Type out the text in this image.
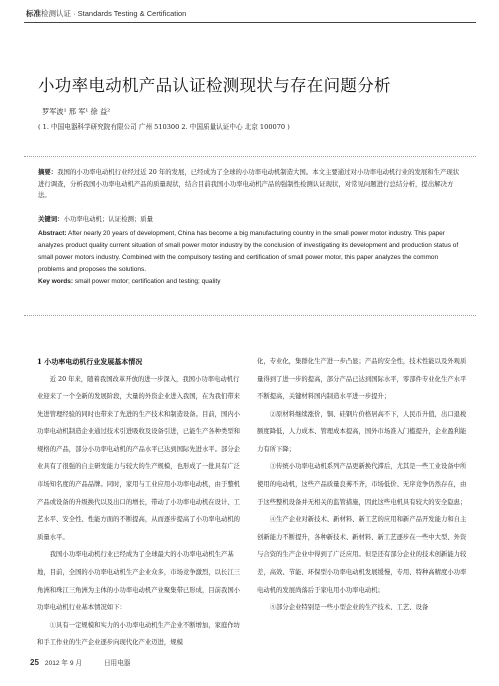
标准检测认证 · Standards Testing & Certification
小功率电动机产品认证检测现状与存在问题分析
罗军波¹ 邢 军¹ 徐 益²
( 1. 中国电器科学研究院有限公司 广州 510300 2. 中国质量认证中心 北京 100070 )
摘要：我国的小功率电动机行业经过近 20 年的发展，已经成为了全球的小功率电动机制造大国。本文主要通过对小功率电动机行业的发展和生产现状进行调查，分析我国小功率电动机产品的质量现状，结合目前我国小功率电动机产品的强制性检测认证现状，对常见问题进行总结分析，提出解决方法。
关键词：小功率电动机；认证检测；质量
Abstract: After nearly 20 years of development, China has become a big manufacturing country in the small power motor industry. This paper analyzes product quality current situation of small power motor industry by the conclusion of investigating its development and production status of small power motors industry. Combined with the compulsory testing and certification of small power motor, this paper analyzes the common problems and proposes the solutions.
Key words: small power motor; certification and testing; quality

1 小功率电动机行业发展基本情况

近 20 年来，随着我国改革开放的进一步深入，我国小功率电动机行业迎来了一个全新的发展阶段，大量的外资企业进入我国，在为我们带来先进管理经验的同时也带来了先进的生产技术和制造设备。目前，国内小功率电动机制造企业通过技术引进吸收及设备引进，已能生产各种类型和规格的产品，部分小功率电动机的产品水平已达到国际先进水平。部分企业具有了很强的自主研发能力与较大的生产规模，也形成了一批具有广泛市场知名度的产品品牌。同时，家用与工业应用小功率电动机，由于整机产品或设备的升级换代以及出口的增长，带动了小功率电动机在设计、工艺水平、安全性、性能方面的不断提高，从而逐步提高了小功率电动机的质量水平。

我国小功率电动机行业已经成为了全球最大的小功率电动机生产基地，目前，全国的小功率电动机生产企业众多，市场竞争激烈，以长江三角洲和珠江三角洲为主体的小功率电动机产业聚集带已形成，目前我国小功率电动机行业基本情况如下：

①具有一定规模和实力的小功率电动机生产企业不断增加，家庭作坊和手工作业的生产企业逐步向现代化产业迈进，规模

化，专业化，集群化生产进一步凸显；产品的安全性，技术性能以及外观质量得到了进一步的提高，部分产品已达到国际水平，零部件专业化生产水平不断提高，关键材料国内制造水平进一步提升；

②原材料继续涨价，铜、硅钢片价格居高不下，人民币升值，出口退税额度降低，人力成本、管理成本提高，国外市场准入门槛提升，企业盈利能力有所下降；

③传统小功率电动机系列产品更新换代滞后，尤其是一些工业设备中所使用的电动机，这些产品质量良莠不齐，市场低价、无序竞争仍然存在，由于这些整机设备并无相关的监管措施，因此这些电机具有较大的安全隐患；

④生产企业对新技术、新材料、新工艺的应用和新产品开发能力和自主创新能力不断提升，各种新技术、新材料、新工艺逐步在一些中大型、外资与合资的生产企业中得到了广泛应用。但是还有部分企业的技术创新能力较差，高效、节能、环保型小功率电动机发展缓慢，专用、特种高精度小功率电动机的发展尚落后于家电用小功率电动机；

⑤部分企业特别是一些小型企业的生产技术、工艺、设备

25 2012 年 9 月	日用电器
